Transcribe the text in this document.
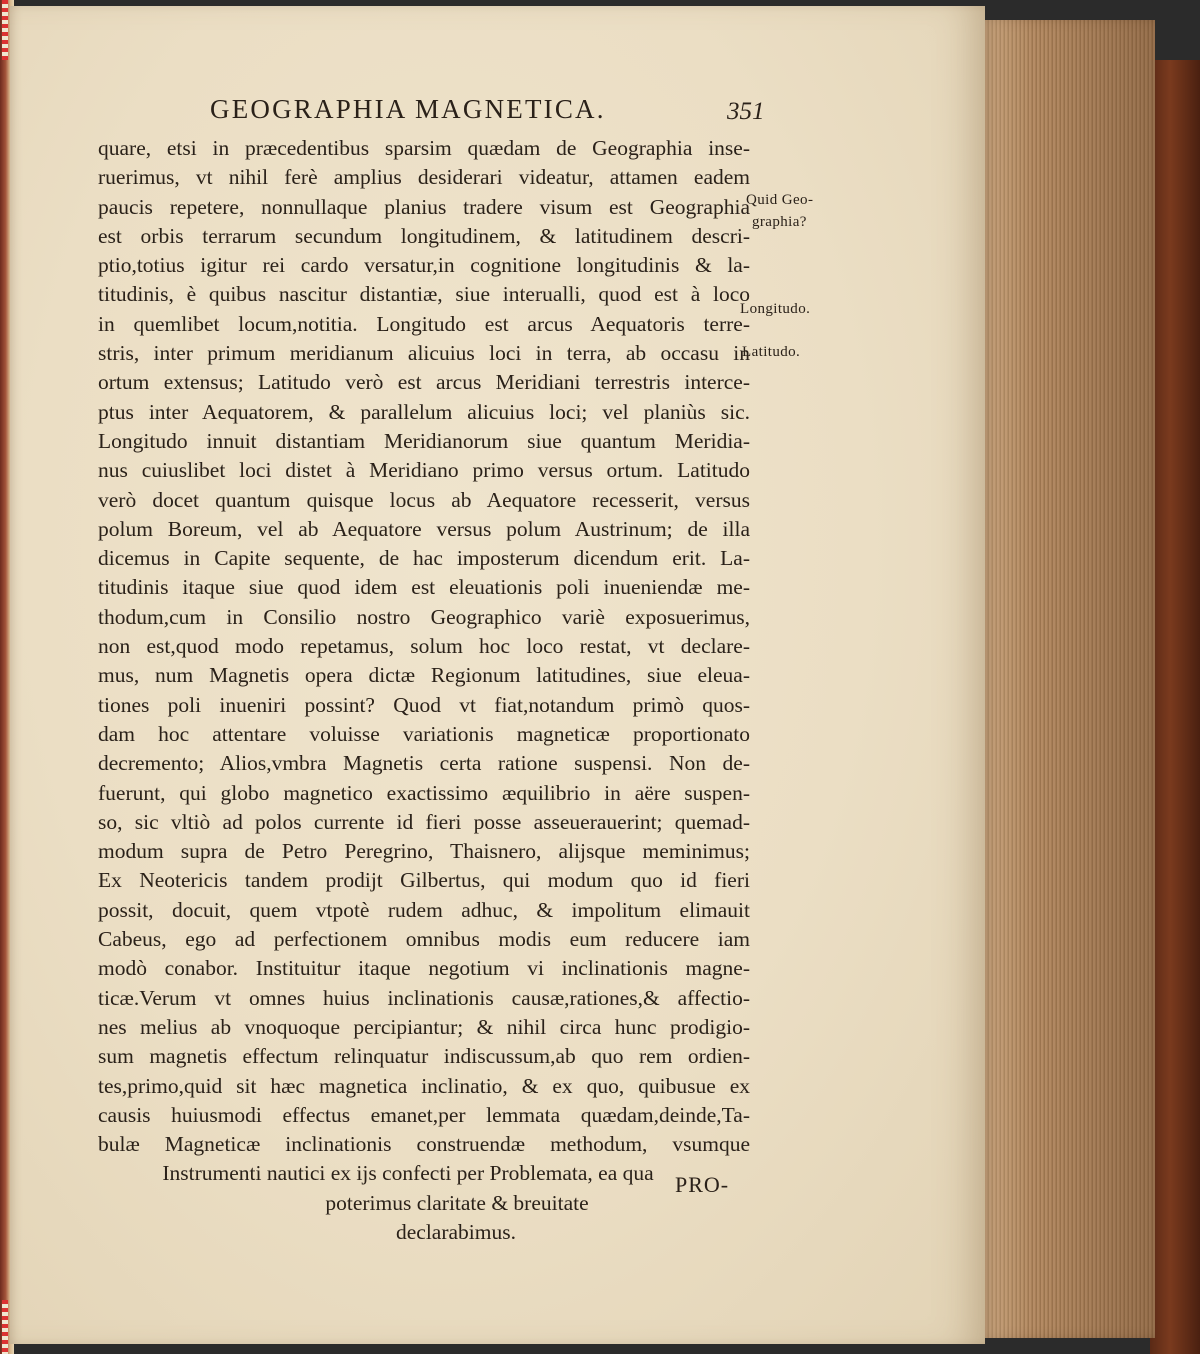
GEOGRAPHIA MAGNETICA.	351
quare, etsi in præcedentibus sparsim quædam de Geographia inse-
ruerimus, vt nihil ferè amplius desiderari videatur, attamen eadem
paucis repetere, nonnullaque planius tradere visum est Geographia
est orbis terrarum secundum longitudinem, & latitudinem descri-
ptio,totius igitur rei cardo versatur,in cognitione longitudinis & la-
titudinis, è quibus nascitur distantiæ, siue interualli, quod est à loco
in quemlibet locum,notitia. Longitudo est arcus Aequatoris terre-
stris, inter primum meridianum alicuius loci in terra, ab occasu in
ortum extensus; Latitudo verò est arcus Meridiani terrestris interce-
ptus inter Aequatorem, & parallelum alicuius loci; vel planiùs sic.
Longitudo innuit distantiam Meridianorum siue quantum Meridia-
nus cuiuslibet loci distet à Meridiano primo versus ortum. Latitudo
verò docet quantum quisque locus ab Aequatore recesserit, versus
polum Boreum, vel ab Aequatore versus polum Austrinum; de illa
dicemus in Capite sequente, de hac imposterum dicendum erit. La-
titudinis itaque siue quod idem est eleuationis poli inueniendæ me-
thodum,cum in Consilio nostro Geographico variè exposuerimus,
non est,quod modo repetamus, solum hoc loco restat, vt declare-
mus, num Magnetis opera dictæ Regionum latitudines, siue eleua-
tiones poli inueniri possint? Quod vt fiat,notandum primò quos-
dam hoc attentare voluisse variationis magneticæ proportionato
decremento; Alios,vmbra Magnetis certa ratione suspensi. Non de-
fuerunt, qui globo magnetico exactissimo æquilibrio in aëre suspen-
so, sic vltiò ad polos currente id fieri posse asseuerauerint; quemad-
modum supra de Petro Peregrino, Thaisnero, alijsque meminimus;
Ex Neotericis tandem prodijt Gilbertus, qui modum quo id fieri
possit, docuit, quem vtpotè rudem adhuc, & impolitum elimauit
Cabeus, ego ad perfectionem omnibus modis eum reducere iam
modò conabor. Instituitur itaque negotium vi inclinationis magne-
ticæ.Verum vt omnes huius inclinationis causæ,rationes,& affectio-
nes melius ab vnoquoque percipiantur; & nihil circa hunc prodigio-
sum magnetis effectum relinquatur indiscussum,ab quo rem ordien-
tes,primo,quid sit hæc magnetica inclinatio, & ex quo, quibusue ex
causis huiusmodi effectus emanet,per lemmata quædam,deinde,Ta-
bulæ Magneticæ inclinationis construendæ methodum, vsumque
Instrumenti nautici ex ijs confecti per Problemata, ea qua
poterimus claritate & breuitate
declarabimus.
Quid Geo-
graphia?
Longitudo.
Latitudo.
PRO-
